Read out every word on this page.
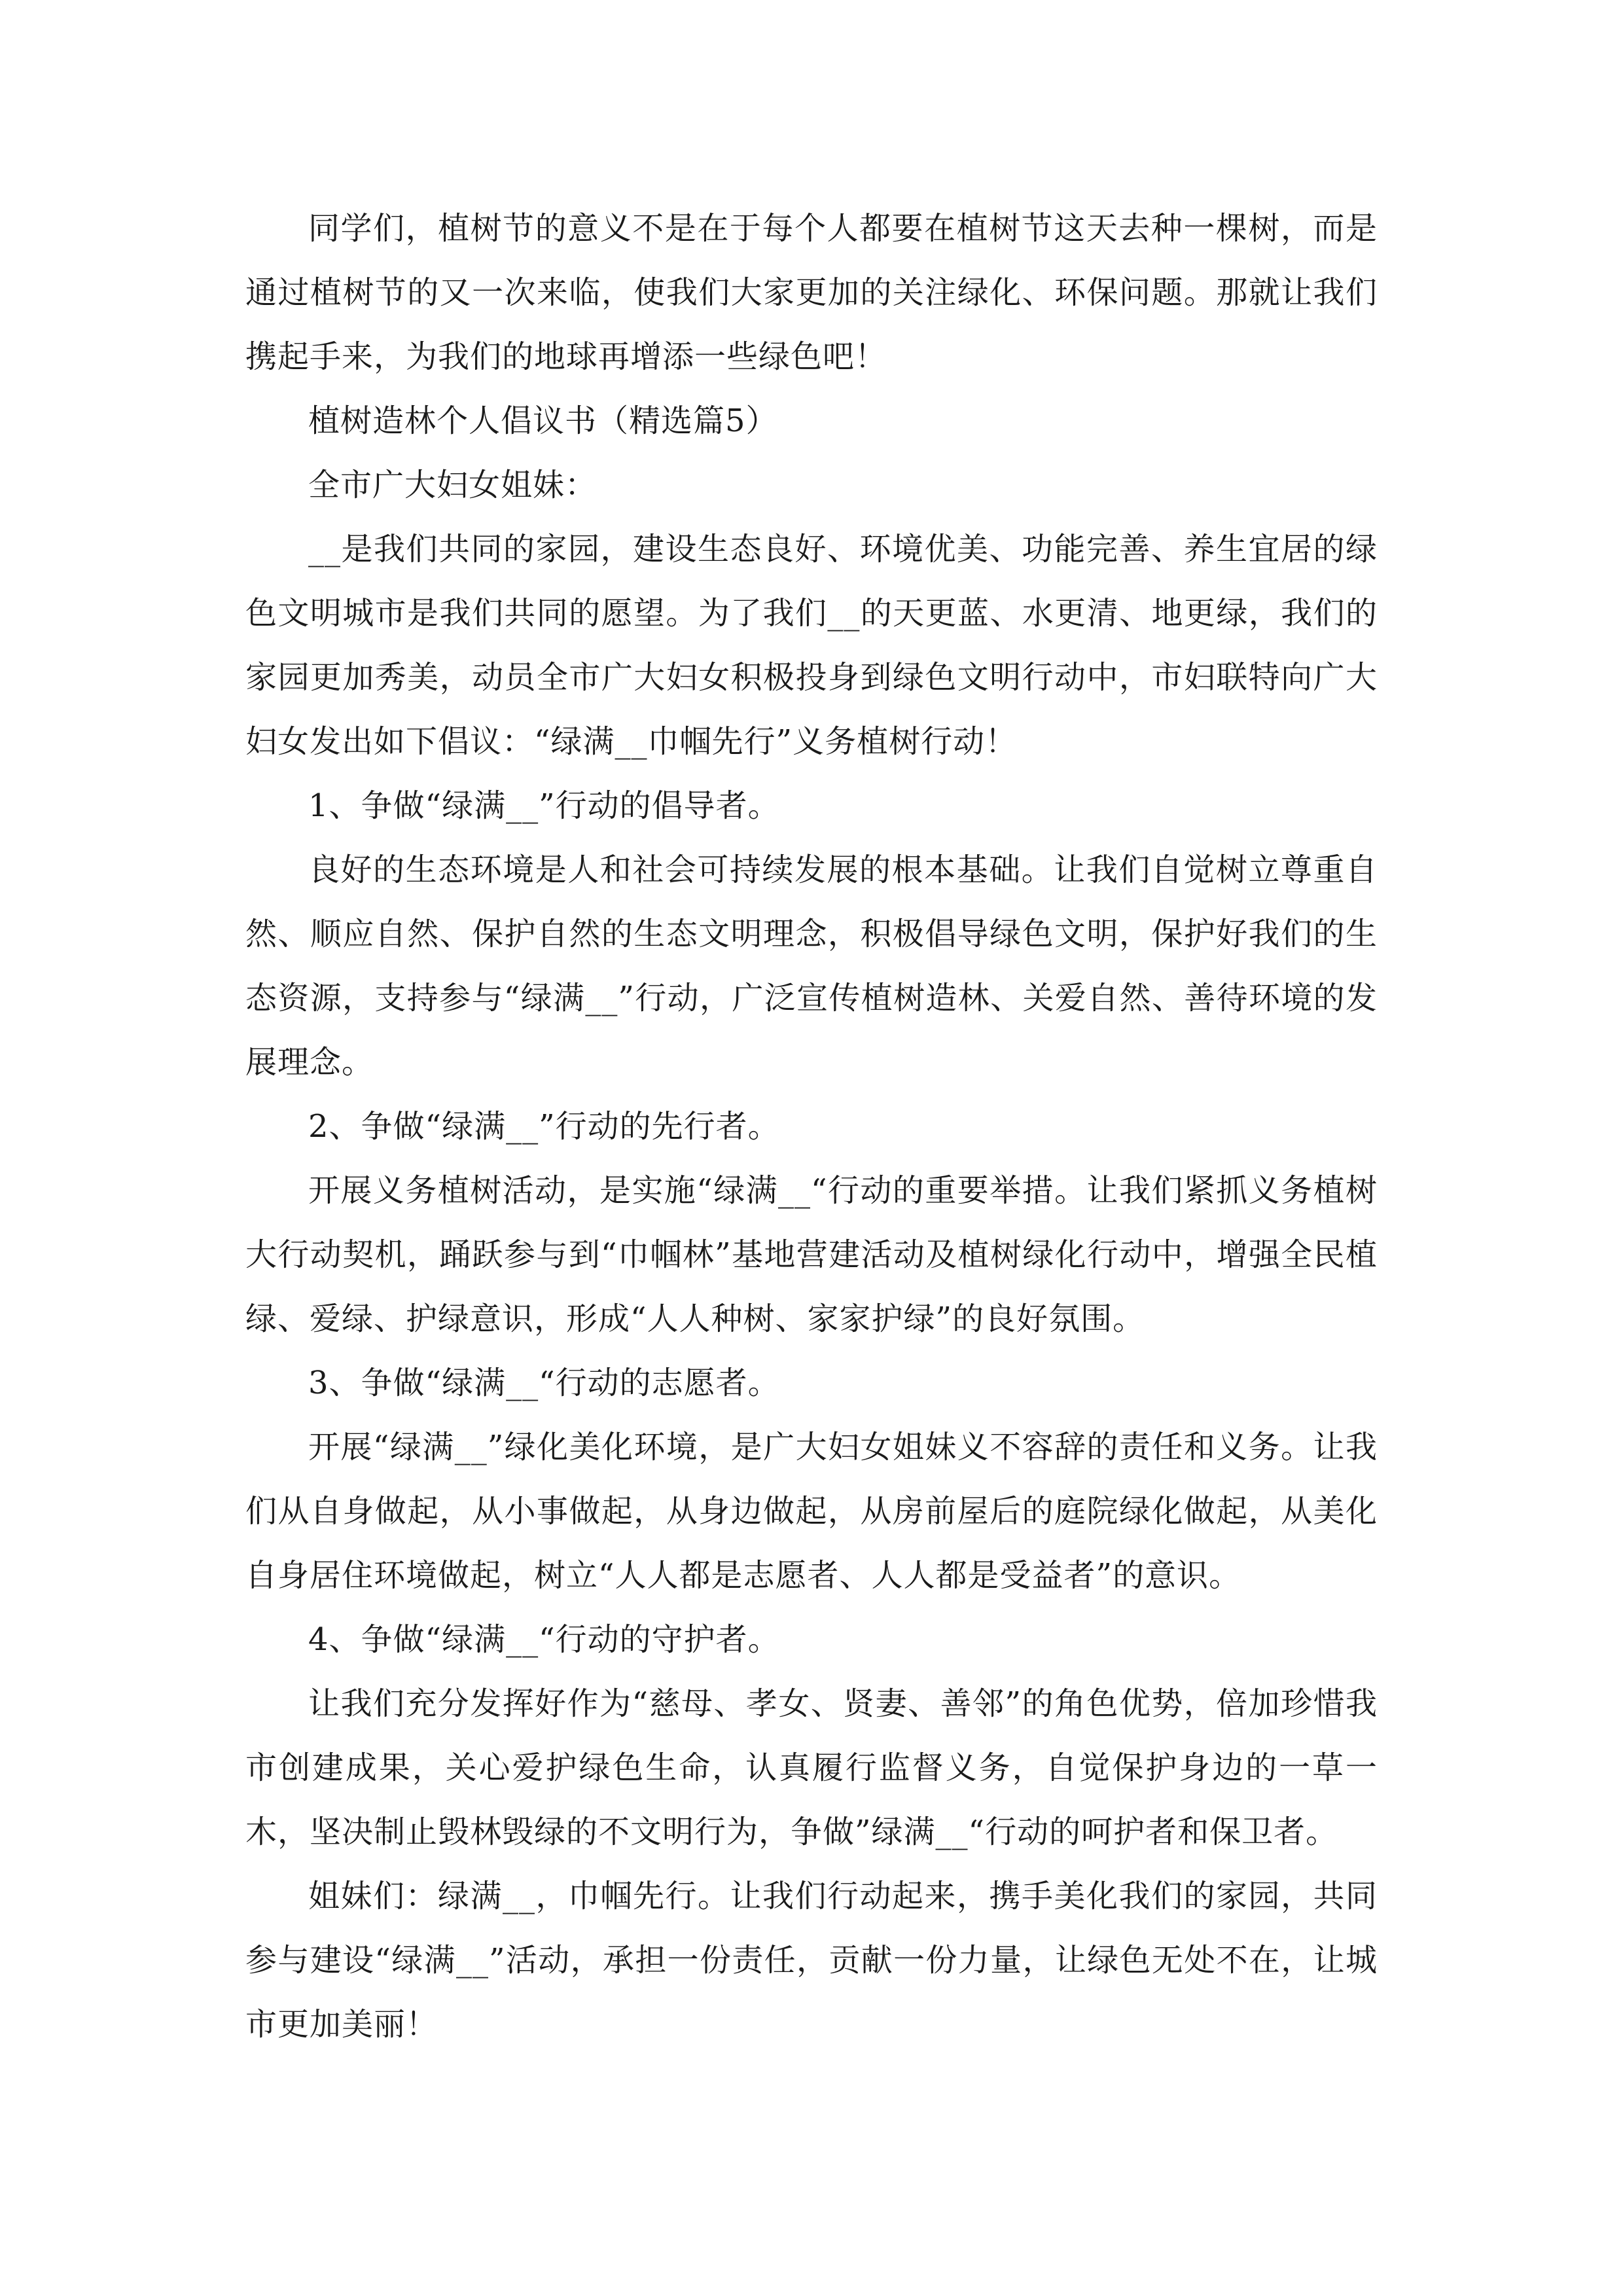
同学们，植树节的意义不是在于每个人都要在植树节这天去种一棵树，而是通过植树节的又一次来临，使我们大家更加的关注绿化、环保问题。那就让我们携起手来，为我们的地球再增添一些绿色吧！

植树造林个人倡议书（精选篇5）

全市广大妇女姐妹：

__是我们共同的家园，建设生态良好、环境优美、功能完善、养生宜居的绿色文明城市是我们共同的愿望。为了我们__的天更蓝、水更清、地更绿，我们的家园更加秀美，动员全市广大妇女积极投身到绿色文明行动中，市妇联特向广大妇女发出如下倡议：“绿满__巾帼先行”义务植树行动！

1、争做“绿满__”行动的倡导者。

良好的生态环境是人和社会可持续发展的根本基础。让我们自觉树立尊重自然、顺应自然、保护自然的生态文明理念，积极倡导绿色文明，保护好我们的生态资源，支持参与“绿满__”行动，广泛宣传植树造林、关爱自然、善待环境的发展理念。

2、争做“绿满__”行动的先行者。

开展义务植树活动，是实施“绿满__“行动的重要举措。让我们紧抓义务植树大行动契机，踊跃参与到“巾帼林”基地营建活动及植树绿化行动中，增强全民植绿、爱绿、护绿意识，形成“人人种树、家家护绿”的良好氛围。

3、争做“绿满__“行动的志愿者。

开展“绿满__”绿化美化环境，是广大妇女姐妹义不容辞的责任和义务。让我们从自身做起，从小事做起，从身边做起，从房前屋后的庭院绿化做起，从美化自身居住环境做起，树立“人人都是志愿者、人人都是受益者”的意识。

4、争做“绿满__“行动的守护者。

让我们充分发挥好作为“慈母、孝女、贤妻、善邻”的角色优势，倍加珍惜我市创建成果，关心爱护绿色生命，认真履行监督义务，自觉保护身边的一草一木，坚决制止毁林毁绿的不文明行为，争做”绿满__“行动的呵护者和保卫者。

姐妹们：绿满__，巾帼先行。让我们行动起来，携手美化我们的家园，共同参与建设“绿满__”活动，承担一份责任，贡献一份力量，让绿色无处不在，让城市更加美丽！
